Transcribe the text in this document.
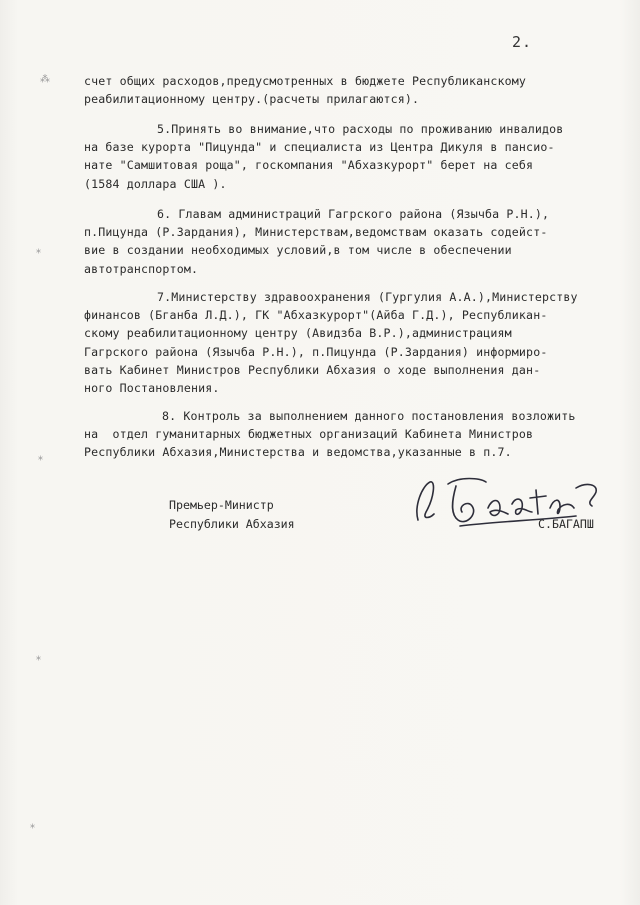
2.
⁂
⁎
⁎
⁎
⁎
счет общих расходов,предусмотренных в бюджете Республиканскому
реабилитационному центру.(расчеты прилагаются).
5.Принять во внимание,что расходы по проживанию инвалидов
на базе курорта "Пицунда" и специалиста из Центра Дикуля в пансио-
нате "Самшитовая роща", госкомпания "Абхазкурорт" берет на себя
(1584 доллара США ).
6. Главам администраций Гагрского района (Язычба Р.Н.),
п.Пицунда (Р.Зардания), Министерствам,ведомствам оказать содейст-
вие в создании необходимых условий,в том числе в обеспечении
автотранспортом.
7.Министерству здравоохранения (Гургулия А.А.),Министерству
финансов (Бганба Л.Д.), ГК "Абхазкурорт"(Айба Г.Д.), Республикан-
скому реабилитационному центру (Авидзба В.Р.),администрациям
Гагрского района (Язычба Р.Н.), п.Пицунда (Р.Зардания) информиро-
вать Кабинет Министров Республики Абхазия о ходе выполнения дан-
ного Постановления.
8. Контроль за выполнением данного постановления возложить
на  отдел гуманитарных бюджетных организаций Кабинета Министров
Республики Абхазия,Министерства и ведомства,указанные в п.7.
Премьер-Министр
Республики Абхазия	С.БАГАПШ
